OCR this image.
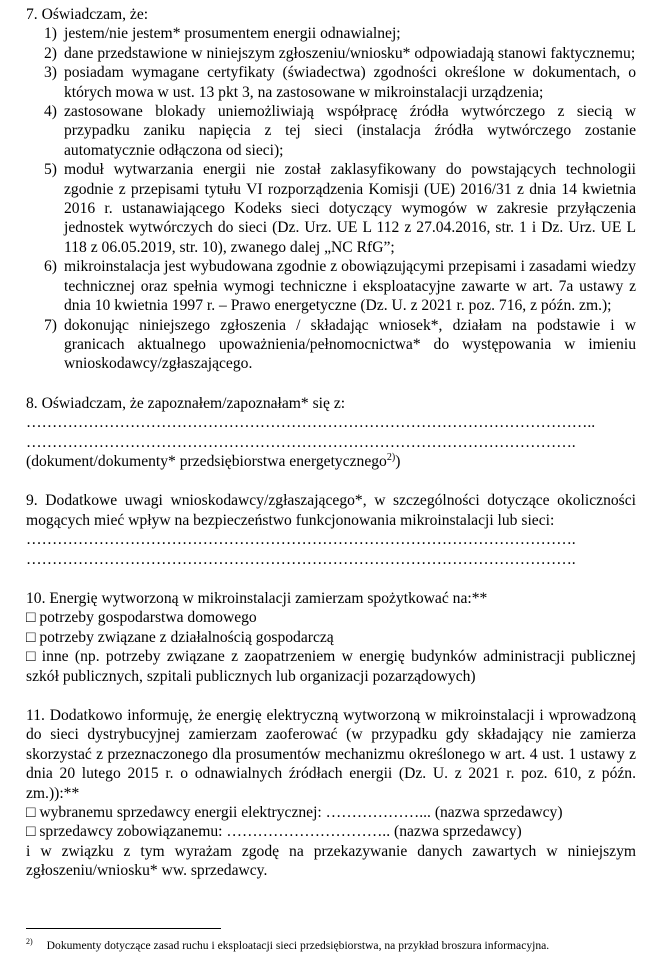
7. Oświadczam, że:

1) jestem/nie jestem* prosumentem energii odnawialnej;
2) dane przedstawione w niniejszym zgłoszeniu/wniosku* odpowiadają stanowi faktycznemu;
3) posiadam wymagane certyfikaty (świadectwa) zgodności określone w dokumentach, o których mowa w ust. 13 pkt 3, na zastosowane w mikroinstalacji urządzenia;
4) zastosowane blokady uniemożliwiają współpracę źródła wytwórczego z siecią w przypadku zaniku napięcia z tej sieci (instalacja źródła wytwórczego zostanie automatycznie odłączona od sieci);
5) moduł wytwarzania energii nie został zaklasyfikowany do powstających technologii zgodnie z przepisami tytułu VI rozporządzenia Komisji (UE) 2016/31 z dnia 14 kwietnia 2016 r. ustanawiającego Kodeks sieci dotyczący wymogów w zakresie przyłączenia jednostek wytwórczych do sieci (Dz. Urz. UE L 112 z 27.04.2016, str. 1 i Dz. Urz. UE L 118 z 06.05.2019, str. 10), zwanego dalej „NC RfG”;
6) mikroinstalacja jest wybudowana zgodnie z obowiązującymi przepisami i zasadami wiedzy technicznej oraz spełnia wymogi techniczne i eksploatacyjne zawarte w art. 7a ustawy z dnia 10 kwietnia 1997 r. – Prawo energetyczne (Dz. U. z 2021 r. poz. 716, z późn. zm.);
7) dokonując niniejszego zgłoszenia / składając wniosek*, działam na podstawie i w granicach aktualnego upoważnienia/pełnomocnictwa* do występowania w imieniu wnioskodawcy/zgłaszającego.

8. Oświadczam, że zapoznałem/zapoznałam* się z:

………………………………………………………………………………………………..
…………………………………………………………………………………………….
(dokument/dokumenty* przedsiębiorstwa energetycznego$^{2)}$)

9. Dodatkowe uwagi wnioskodawcy/zgłaszającego*, w szczególności dotyczące okoliczności mogących mieć wpływ na bezpieczeństwo funkcjonowania mikroinstalacji lub sieci:

…………………………………………………………………………………………….
…………………………………………………………………………………………….

10. Energię wytworzoną w mikroinstalacji zamierzam spożytkować na:**

□ potrzeby gospodarstwa domowego

□ potrzeby związane z działalnością gospodarczą

□ inne (np. potrzeby związane z zaopatrzeniem w energię budynków administracji publicznej szkół publicznych, szpitali publicznych lub organizacji pozarządowych)

11. Dodatkowo informuję, że energię elektryczną wytworzoną w mikroinstalacji i wprowadzoną do sieci dystrybucyjnej zamierzam zaoferować (w przypadku gdy składający nie zamierza skorzystać z przeznaczonego dla prosumentów mechanizmu określonego w art. 4 ust. 1 ustawy z dnia 20 lutego 2015 r. o odnawialnych źródłach energii (Dz. U. z 2021 r. poz. 610, z późn. zm.)):**

□ wybranemu sprzedawcy energii elektrycznej: ………………... (nazwa sprzedawcy)

□ sprzedawcy zobowiązanemu: ………………………….. (nazwa sprzedawcy)

i w związku z tym wyrażam zgodę na przekazywanie danych zawartych w niniejszym zgłoszeniu/wniosku* ww. sprzedawcy.

$^{2)}$ Dokumenty dotyczące zasad ruchu i eksploatacji sieci przedsiębiorstwa, na przykład broszura informacyjna.
